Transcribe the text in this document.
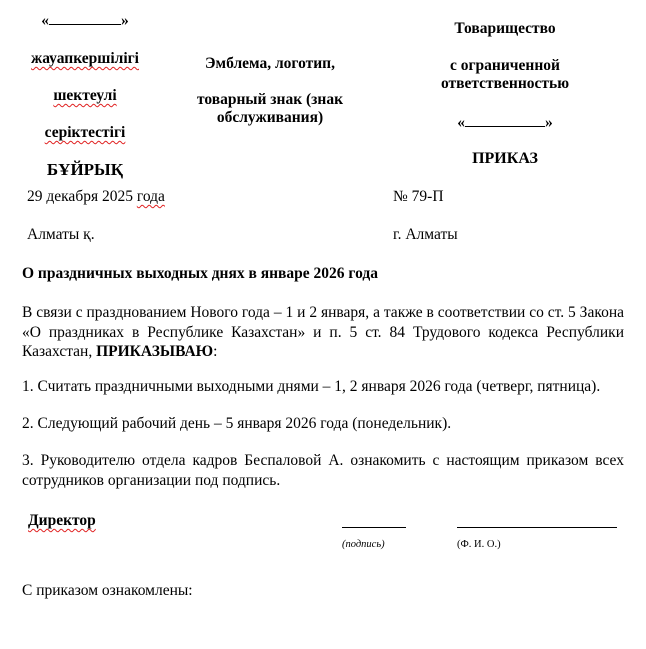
«	»
жауапкершілігі
шектеулі
серіктестігі
БҰЙРЫҚ
Эмблема, логотип,
товарный знак (знак обслуживания)
Товарищество
с ограниченной ответственностью
«	»
ПРИКАЗ
29 декабря 2025 года	№ 79-П
Алматы қ.	г. Алматы
О праздничных выходных днях в январе 2026 года
В связи с празднованием Нового года – 1 и 2 января, а также в соответствии со ст. 5 Закона «О праздниках в Республике Казахстан» и п. 5 ст. 84 Трудового кодекса Республики Казахстан, ПРИКАЗЫВАЮ:
1. Считать праздничными выходными днями – 1, 2 января 2026 года (четверг, пятница).
2. Следующий рабочий день – 5 января 2026 года (понедельник).
3. Руководителю отдела кадров Беспаловой А. ознакомить с настоящим приказом всех сотрудников организации под подпись.
Директор
(подпись)	(Ф. И. О.)
С приказом ознакомлены:
